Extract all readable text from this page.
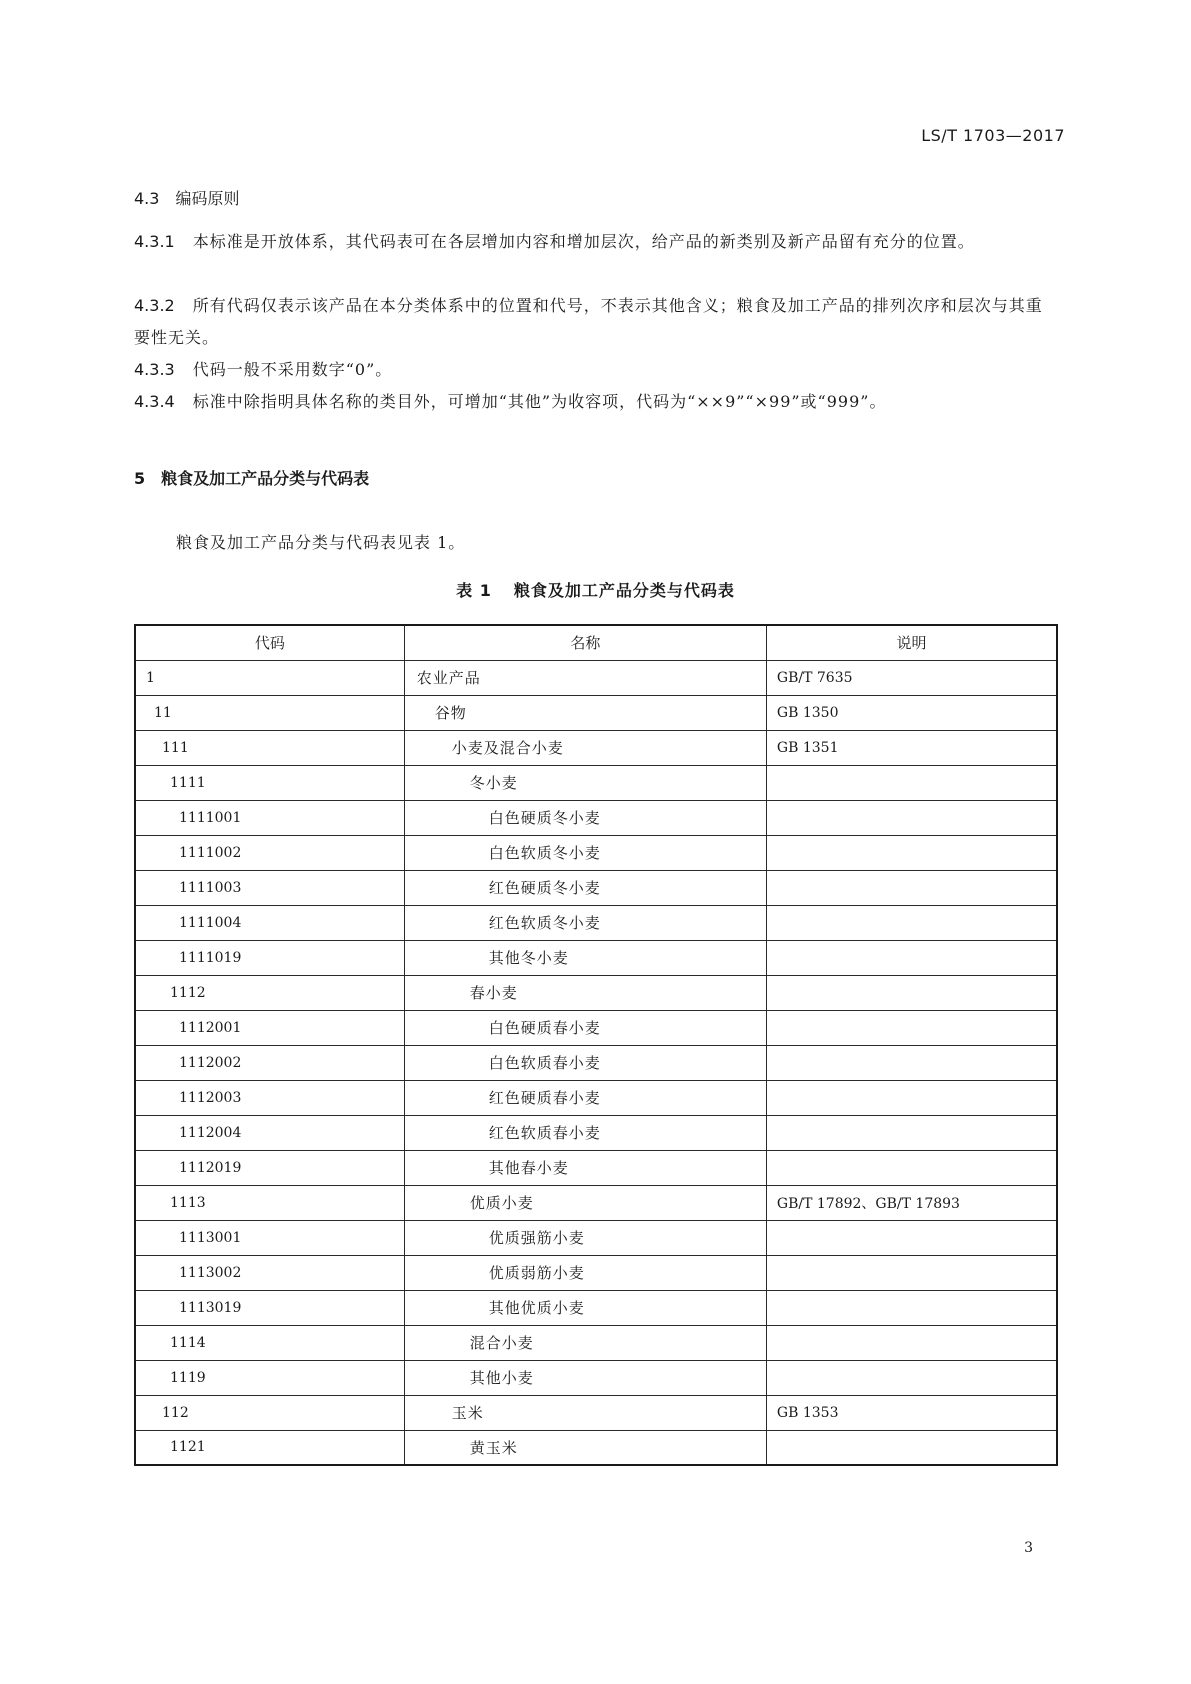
LS/T 1703—2017
4.3 编码原则
4.3.1 本标准是开放体系，其代码表可在各层增加内容和增加层次，给产品的新类别及新产品留有充分的位置。
4.3.2 所有代码仅表示该产品在本分类体系中的位置和代号，不表示其他含义；粮食及加工产品的排列次序和层次与其重要性无关。
4.3.3 代码一般不采用数字“0”。
4.3.4 标准中除指明具体名称的类目外，可增加“其他”为收容项，代码为“××9”“×99”或“999”。
5 粮食及加工产品分类与代码表
粮食及加工产品分类与代码表见表 1。
表 1 粮食及加工产品分类与代码表
代码	名称	说明
1	农业产品	GB/T 7635
11	谷物	GB 1350
111	小麦及混合小麦	GB 1351
1111	冬小麦	
1111001	白色硬质冬小麦	
1111002	白色软质冬小麦	
1111003	红色硬质冬小麦	
1111004	红色软质冬小麦	
1111019	其他冬小麦	
1112	春小麦	
1112001	白色硬质春小麦	
1112002	白色软质春小麦	
1112003	红色硬质春小麦	
1112004	红色软质春小麦	
1112019	其他春小麦	
1113	优质小麦	GB/T 17892、GB/T 17893
1113001	优质强筋小麦	
1113002	优质弱筋小麦	
1113019	其他优质小麦	
1114	混合小麦	
1119	其他小麦	
112	玉米	GB 1353
1121	黄玉米	
3
